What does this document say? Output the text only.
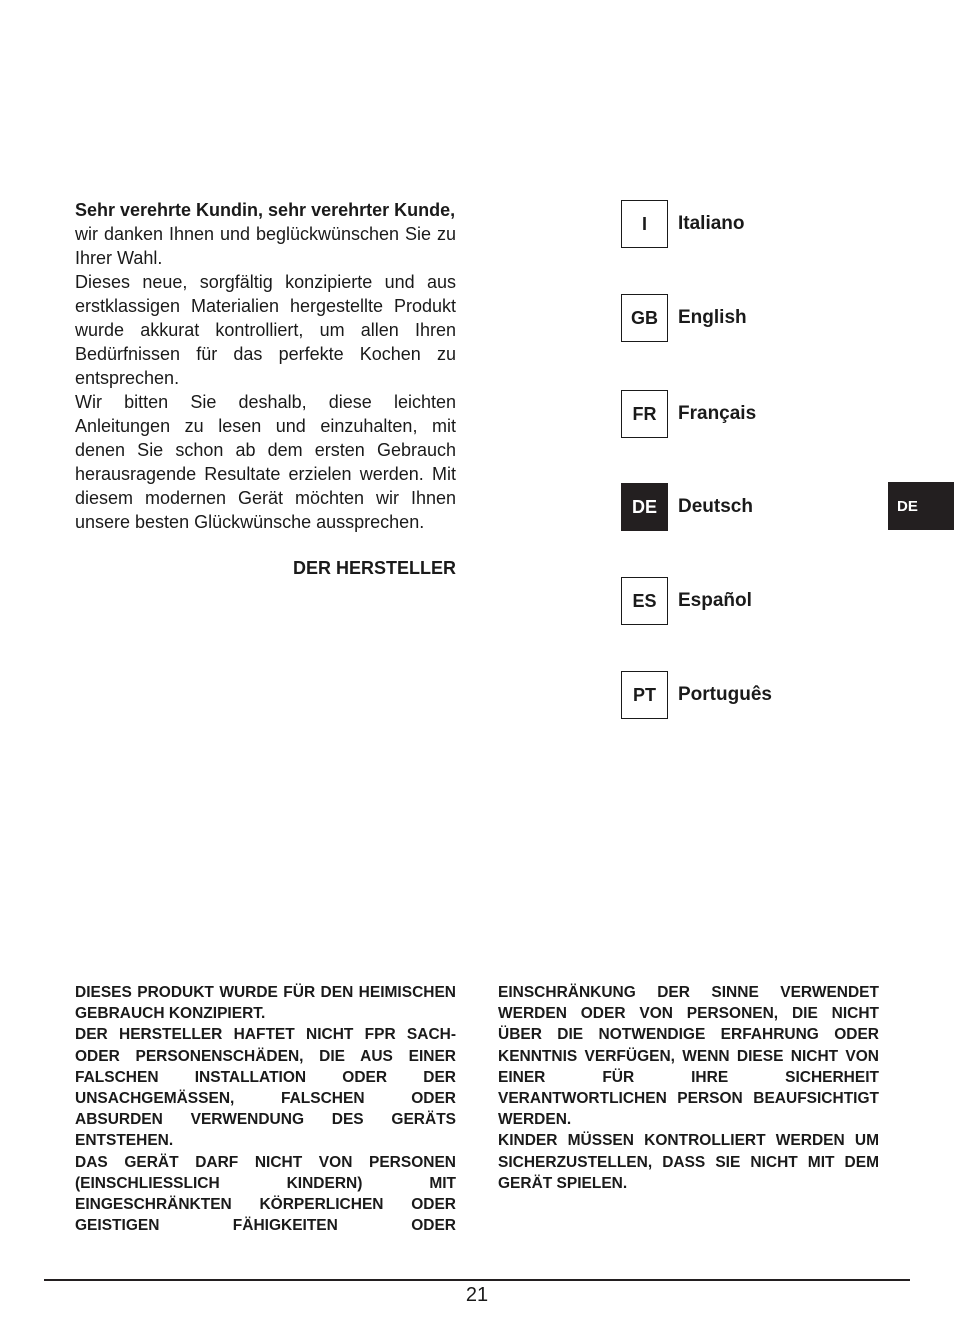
Sehr verehrte Kundin, sehr verehrter Kunde,

wir danken Ihnen und beglückwünschen Sie zu Ihrer Wahl.

Dieses neue, sorgfältig konzipierte und aus erstklassigen Materialien hergestellte Produkt wurde akkurat kontrolliert, um allen Ihren Bedürfnissen für das perfekte Kochen zu entsprechen.

Wir bitten Sie deshalb, diese leichten Anleitungen zu lesen und einzuhalten, mit denen Sie schon ab dem ersten Gebrauch herausragende Resultate erzielen werden. Mit diesem modernen Gerät möchten wir Ihnen unsere besten Glückwünsche aussprechen.

DER HERSTELLER

I	Italiano
GB	English
FR	Français
DE	Deutsch
ES	Español
PT	Português
DE

DIESES PRODUKT WURDE FÜR DEN HEIMISCHEN GEBRAUCH KONZIPIERT.

DER HERSTELLER HAFTET NICHT FPR SACH- ODER PERSONENSCHÄDEN, DIE AUS EINER FALSCHEN INSTALLATION ODER DER UNSACHGEMÄSSEN, FALSCHEN ODER ABSURDEN VERWENDUNG DES GERÄTS ENTSTEHEN.

DAS GERÄT DARF NICHT VON PERSONEN (EINSCHLIESSLICH KINDERN) MIT EINGESCHRÄNKTEN KÖRPERLICHEN ODER GEISTIGEN FÄHIGKEITEN ODER

EINSCHRÄNKUNG DER SINNE VERWENDET WERDEN ODER VON PERSONEN, DIE NICHT ÜBER DIE NOTWENDIGE ERFAHRUNG ODER KENNTNIS VERFÜGEN, WENN DIESE NICHT VON EINER FÜR IHRE SICHERHEIT VERANTWORTLICHEN PERSON BEAUFSICHTIGT WERDEN.

KINDER MÜSSEN KONTROLLIERT WERDEN UM SICHERZUSTELLEN, DASS SIE NICHT MIT DEM GERÄT SPIELEN.

21
